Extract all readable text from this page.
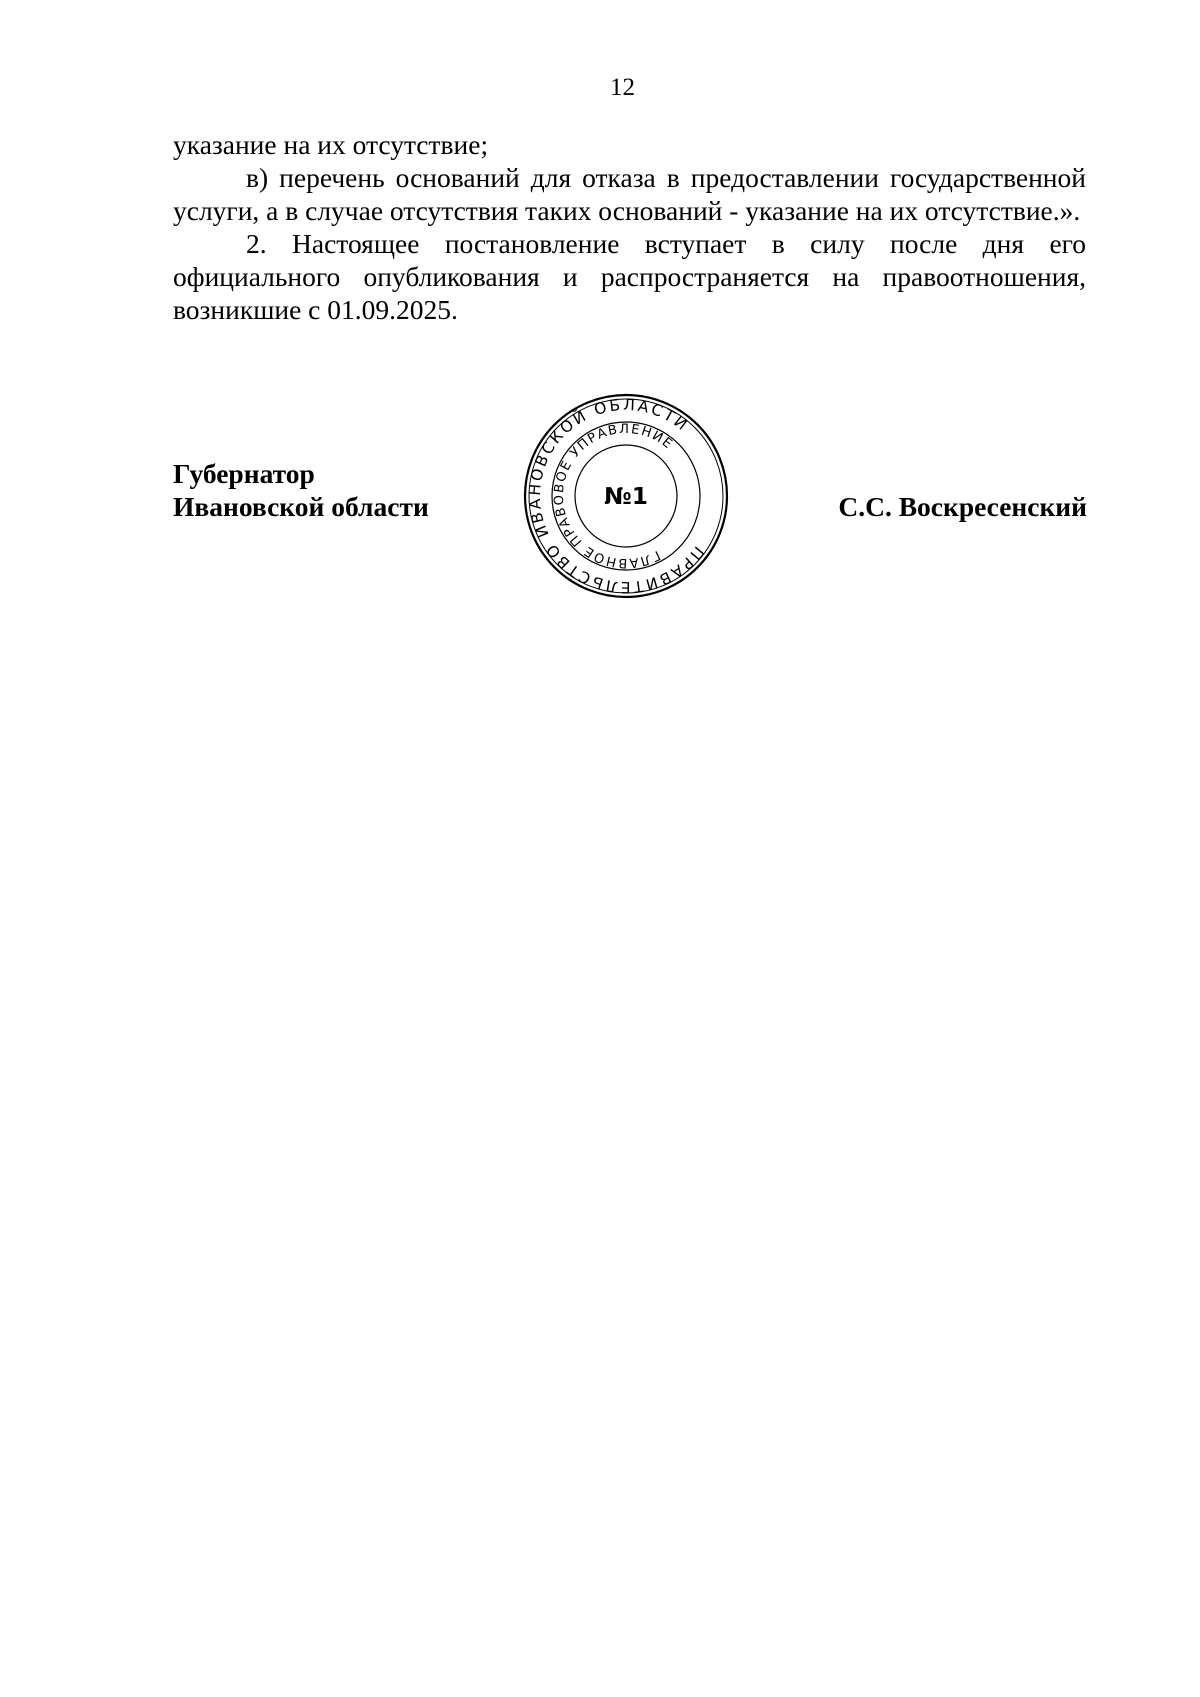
12

указание на их отсутствие;

в) перечень оснований для отказа в предоставлении государственной услуги, а в случае отсутствия таких оснований - указание на их отсутствие.».

2. Настоящее постановление вступает в силу после дня его официального опубликования и распространяется на правоотношения, возникшие с 01.09.2025.

Губернатор
Ивановской области
ПРАВИТЕЛЬСТВО ИВАНОВСКОЙ ОБЛАСТИ
ГЛАВНОЕ ПРАВОВОЕ УПРАВЛЕНИЕ
№1	С.С. Воскресенский
